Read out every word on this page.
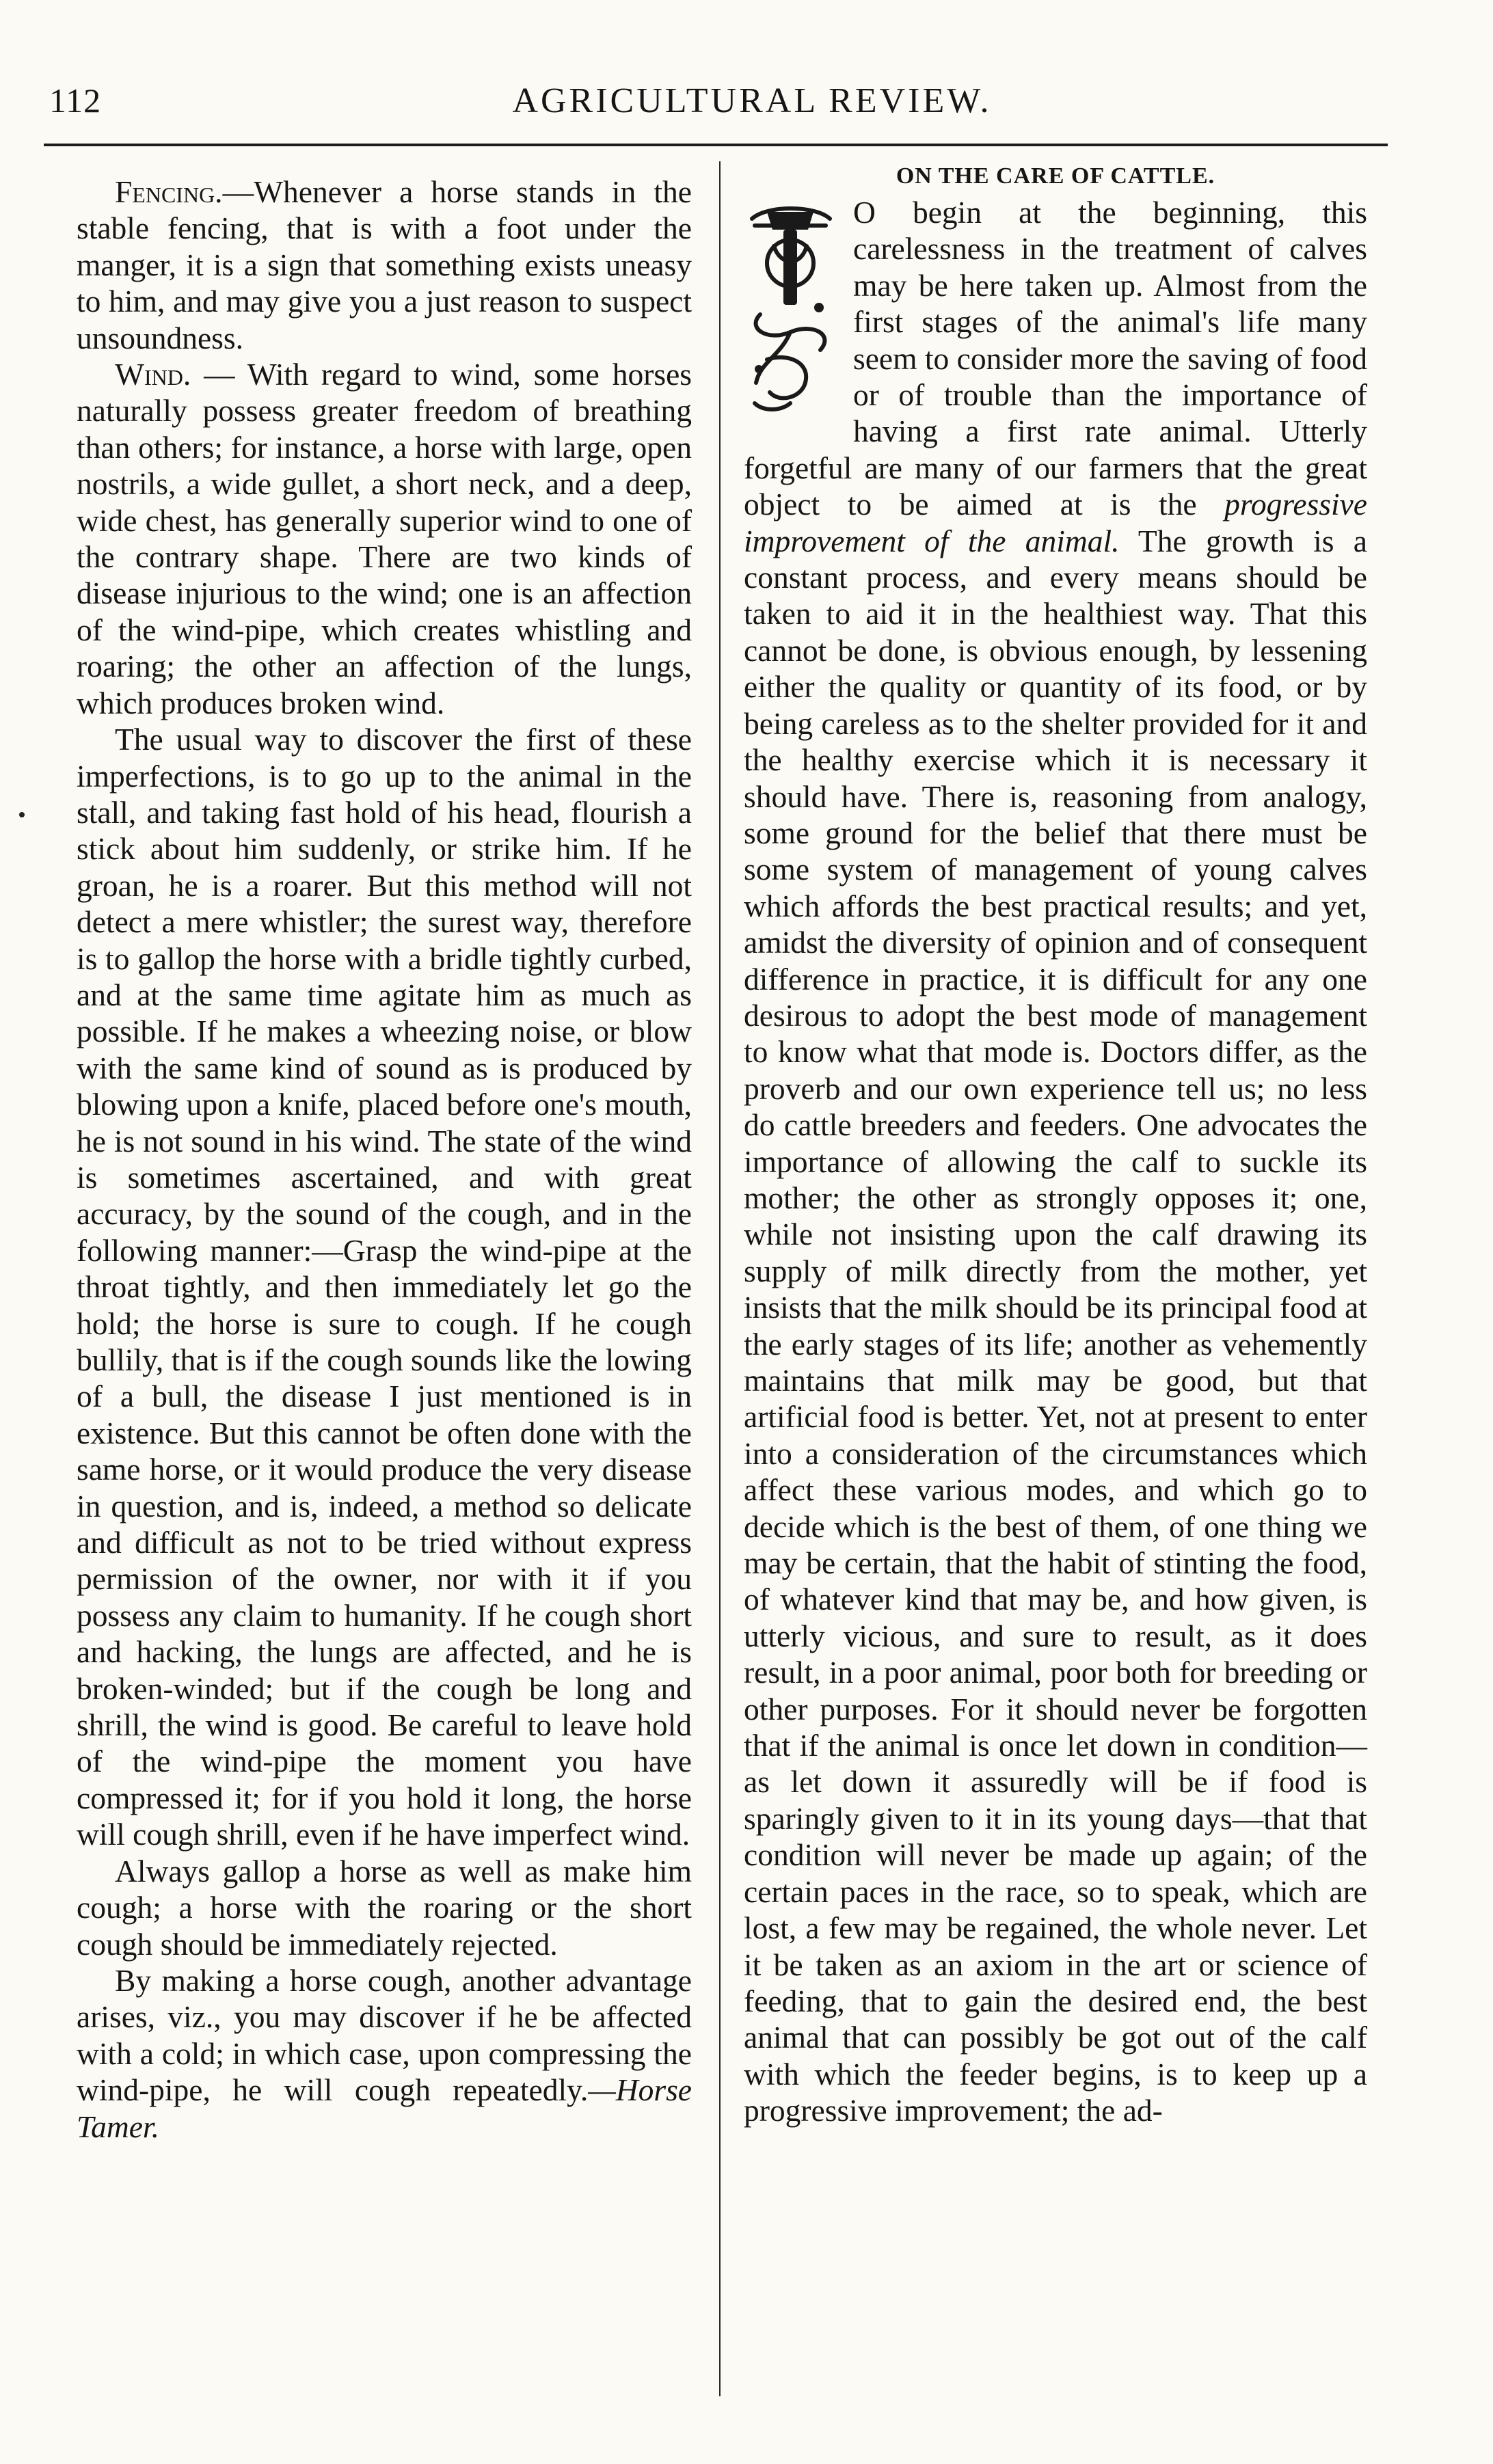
112	AGRICULTURAL REVIEW.

Fencing.—Whenever a horse stands in the stable fencing, that is with a foot under the manger, it is a sign that something exists uneasy to him, and may give you a just reason to suspect unsoundness.

Wind. — With regard to wind, some horses naturally possess greater freedom of breathing than others; for instance, a horse with large, open nostrils, a wide gullet, a short neck, and a deep, wide chest, has generally superior wind to one of the contrary shape. There are two kinds of disease injurious to the wind; one is an affection of the wind-pipe, which creates whistling and roaring; the other an affection of the lungs, which produces broken wind.

The usual way to discover the first of these imperfections, is to go up to the animal in the stall, and taking fast hold of his head, flourish a stick about him suddenly, or strike him. If he groan, he is a roarer. But this method will not detect a mere whistler; the surest way, therefore is to gallop the horse with a bridle tightly curbed, and at the same time agitate him as much as possible. If he makes a wheezing noise, or blow with the same kind of sound as is produced by blowing upon a knife, placed before one's mouth, he is not sound in his wind. The state of the wind is sometimes ascertained, and with great accuracy, by the sound of the cough, and in the following manner:—Grasp the wind-pipe at the throat tightly, and then immediately let go the hold; the horse is sure to cough. If he cough bullily, that is if the cough sounds like the lowing of a bull, the disease I just mentioned is in existence. But this cannot be often done with the same horse, or it would produce the very disease in question, and is, indeed, a method so delicate and difficult as not to be tried without express permission of the owner, nor with it if you possess any claim to humanity. If he cough short and hacking, the lungs are affected, and he is broken-winded; but if the cough be long and shrill, the wind is good. Be careful to leave hold of the wind-pipe the moment you have compressed it; for if you hold it long, the horse will cough shrill, even if he have imperfect wind.

Always gallop a horse as well as make him cough; a horse with the roaring or the short cough should be immediately rejected.

By making a horse cough, another advantage arises, viz., you may discover if he be affected with a cold; in which case, upon compressing the wind-pipe, he will cough repeatedly.—Horse Tamer.

ON THE CARE OF CATTLE.

O begin at the beginning, this carelessness in the treatment of calves may be here taken up. Almost from the first stages of the animal's life many seem to consider more the saving of food or of trouble than the importance of having a first rate animal. Utterly forgetful are many of our farmers that the great object to be aimed at is the progressive improvement of the animal. The growth is a constant process, and every means should be taken to aid it in the healthiest way. That this cannot be done, is obvious enough, by lessening either the quality or quantity of its food, or by being careless as to the shelter provided for it and the healthy exercise which it is necessary it should have. There is, reasoning from analogy, some ground for the belief that there must be some system of management of young calves which affords the best practical results; and yet, amidst the diversity of opinion and of consequent difference in practice, it is difficult for any one desirous to adopt the best mode of management to know what that mode is. Doctors differ, as the proverb and our own experience tell us; no less do cattle breeders and feeders. One advocates the importance of allowing the calf to suckle its mother; the other as strongly opposes it; one, while not insisting upon the calf drawing its supply of milk directly from the mother, yet insists that the milk should be its principal food at the early stages of its life; another as vehemently maintains that milk may be good, but that artificial food is better. Yet, not at present to enter into a consideration of the circumstances which affect these various modes, and which go to decide which is the best of them, of one thing we may be certain, that the habit of stinting the food, of whatever kind that may be, and how given, is utterly vicious, and sure to result, as it does result, in a poor animal, poor both for breeding or other purposes. For it should never be forgotten that if the animal is once let down in condition—as let down it assuredly will be if food is sparingly given to it in its young days—that that condition will never be made up again; of the certain paces in the race, so to speak, which are lost, a few may be regained, the whole never. Let it be taken as an axiom in the art or science of feeding, that to gain the desired end, the best animal that can possibly be got out of the calf with which the feeder begins, is to keep up a progressive improvement; the ad-
